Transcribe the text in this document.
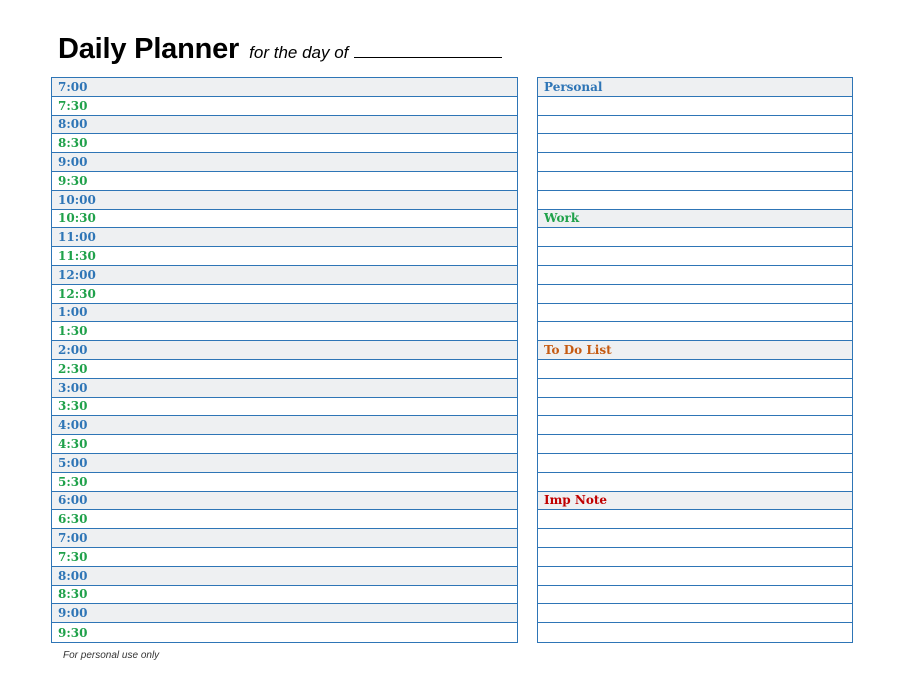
Daily Planner for the day of
7:00
7:30
8:00
8:30
9:00
9:30
10:00
10:30
11:00
11:30
12:00
12:30
1:00
1:30
2:00
2:30
3:00
3:30
4:00
4:30
5:00
5:30
6:00
6:30
7:00
7:30
8:00
8:30
9:00
9:30
Personal
Work
To Do List
Imp Note
For personal use only
